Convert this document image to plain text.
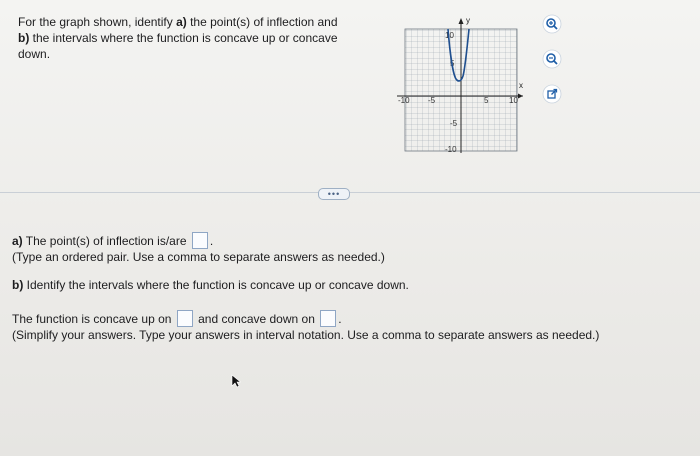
For the graph shown, identify a) the point(s) of inflection and
b) the intervals where the function is concave up or concave
down.
y
x
-10 -5	5	10
10
5
-5
-10
•••
a) The point(s) of inflection is/are .
(Type an ordered pair. Use a comma to separate answers as needed.)
b) Identify the intervals where the function is concave up or concave down.
The function is concave up on and concave down on .
(Simplify your answers. Type your answers in interval notation. Use a comma to separate answers as needed.)
